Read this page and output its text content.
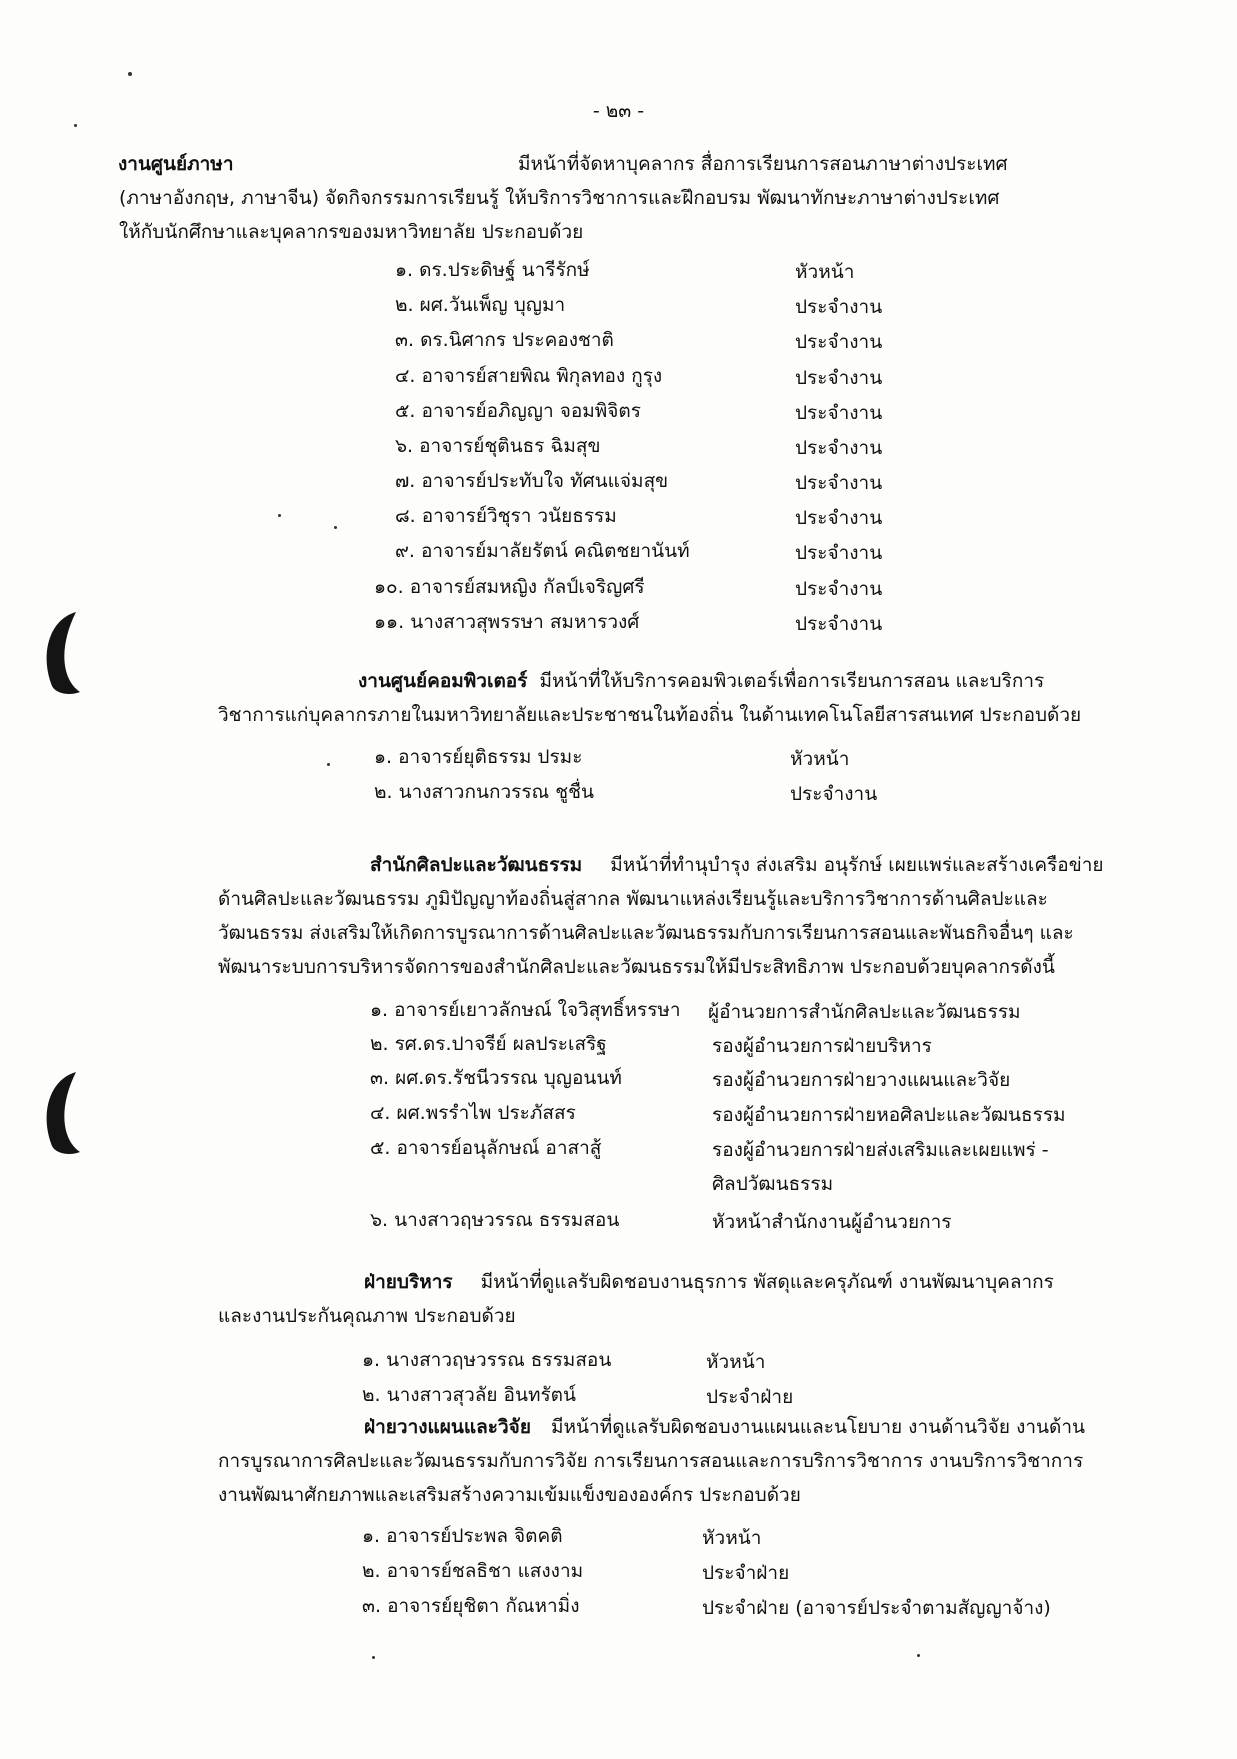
- ๒๓ -
งานศูนย์ภาษา	มีหน้าที่จัดหาบุคลากร สื่อการเรียนการสอนภาษาต่างประเทศ
(ภาษาอังกฤษ, ภาษาจีน) จัดกิจกรรมการเรียนรู้ ให้บริการวิชาการและฝึกอบรม พัฒนาทักษะภาษาต่างประเทศ
ให้กับนักศึกษาและบุคลากรของมหาวิทยาลัย ประกอบด้วย
๑. ดร.ประดิษฐ์ นารีรักษ์	หัวหน้า
๒. ผศ.วันเพ็ญ บุญมา	ประจำงาน
๓. ดร.นิศากร ประคองชาติ	ประจำงาน
๔. อาจารย์สายพิณ พิกุลทอง กูรุง	ประจำงาน
๕. อาจารย์อภิญญา จอมพิจิตร	ประจำงาน
๖. อาจารย์ชุตินธร ฉิมสุข	ประจำงาน
๗. อาจารย์ประทับใจ ทัศนแจ่มสุข	ประจำงาน
๘. อาจารย์วิชุรา วนัยธรรม	ประจำงาน
๙. อาจารย์มาลัยรัตน์ คณิตชยานันท์	ประจำงาน
๑๐. อาจารย์สมหญิง กัลป์เจริญศรี	ประจำงาน
๑๑. นางสาวสุพรรษา สมหารวงศ์	ประจำงาน
งานศูนย์คอมพิวเตอร์ มีหน้าที่ให้บริการคอมพิวเตอร์เพื่อการเรียนการสอน และบริการ
วิชาการแก่บุคลากรภายในมหาวิทยาลัยและประชาชนในท้องถิ่น ในด้านเทคโนโลยีสารสนเทศ ประกอบด้วย
๑. อาจารย์ยุติธรรม ปรมะ	หัวหน้า
๒. นางสาวกนกวรรณ ชูชื่น	ประจำงาน
สำนักศิลปะและวัฒนธรรม มีหน้าที่ทำนุบำรุง ส่งเสริม อนุรักษ์ เผยแพร่และสร้างเครือข่าย
ด้านศิลปะและวัฒนธรรม ภูมิปัญญาท้องถิ่นสู่สากล พัฒนาแหล่งเรียนรู้และบริการวิชาการด้านศิลปะและ
วัฒนธรรม ส่งเสริมให้เกิดการบูรณาการด้านศิลปะและวัฒนธรรมกับการเรียนการสอนและพันธกิจอื่นๆ และ
พัฒนาระบบการบริหารจัดการของสำนักศิลปะและวัฒนธรรมให้มีประสิทธิภาพ ประกอบด้วยบุคลากรดังนี้
๑. อาจารย์เยาวลักษณ์ ใจวิสุทธิ์หรรษา ผู้อำนวยการสำนักศิลปะและวัฒนธรรม
๒. รศ.ดร.ปาจรีย์ ผลประเสริฐ	รองผู้อำนวยการฝ่ายบริหาร
๓. ผศ.ดร.รัชนีวรรณ บุญอนนท์	รองผู้อำนวยการฝ่ายวางแผนและวิจัย
๔. ผศ.พรรำไพ ประภัสสร	รองผู้อำนวยการฝ่ายหอศิลปะและวัฒนธรรม
๕. อาจารย์อนุลักษณ์ อาสาสู้	รองผู้อำนวยการฝ่ายส่งเสริมและเผยแพร่ -
ศิลปวัฒนธรรม
๖. นางสาวฤษวรรณ ธรรมสอน	หัวหน้าสำนักงานผู้อำนวยการ
ฝ่ายบริหาร มีหน้าที่ดูแลรับผิดชอบงานธุรการ พัสดุและครุภัณฑ์ งานพัฒนาบุคลากร
และงานประกันคุณภาพ ประกอบด้วย
๑. นางสาวฤษวรรณ ธรรมสอน	หัวหน้า
๒. นางสาวสุวลัย อินทรัตน์	ประจำฝ่าย
ฝ่ายวางแผนและวิจัย มีหน้าที่ดูแลรับผิดชอบงานแผนและนโยบาย งานด้านวิจัย งานด้าน
การบูรณาการศิลปะและวัฒนธรรมกับการวิจัย การเรียนการสอนและการบริการวิชาการ งานบริการวิชาการ
งานพัฒนาศักยภาพและเสริมสร้างความเข้มแข็งขององค์กร ประกอบด้วย
๑. อาจารย์ประพล จิตคติ	หัวหน้า
๒. อาจารย์ชลธิชา แสงงาม	ประจำฝ่าย
๓. อาจารย์ยุชิตา กัณหามิ่ง	ประจำฝ่าย (อาจารย์ประจำตามสัญญาจ้าง)
